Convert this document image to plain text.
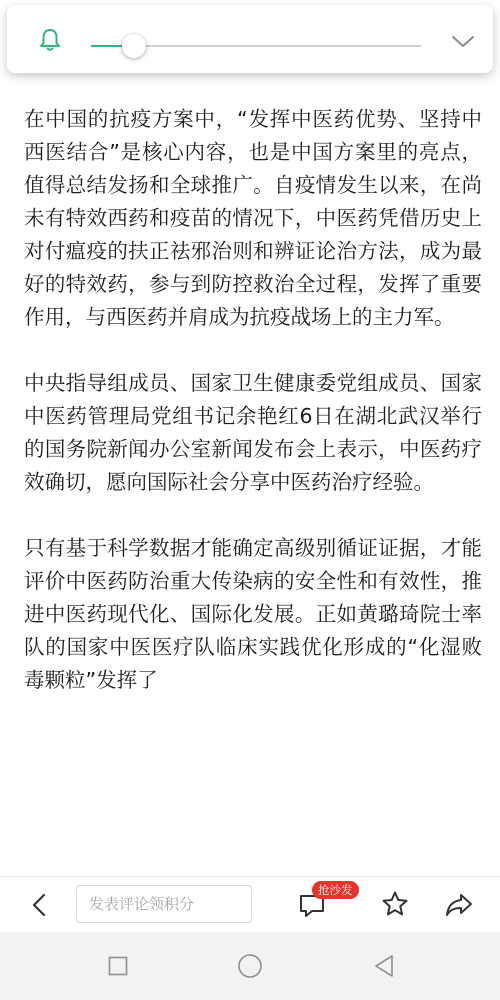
在中国的抗疫方案中，“发挥中医药优势、坚持中西医结合”是核心内容，也是中国方案里的亮点，值得总结发扬和全球推广。自疫情发生以来，在尚未有特效西药和疫苗的情况下，中医药凭借历史上对付瘟疫的扶正祛邪治则和辨证论治方法，成为最好的特效药，参与到防控救治全过程，发挥了重要作用，与西医药并肩成为抗疫战场上的主力军。

中央指导组成员、国家卫生健康委党组成员、国家中医药管理局党组书记余艳红6日在湖北武汉举行的国务院新闻办公室新闻发布会上表示，中医药疗效确切，愿向国际社会分享中医药治疗经验。

只有基于科学数据才能确定高级别循证证据，才能评价中医药防治重大传染病的安全性和有效性，推进中医药现代化、国际化发展。正如黄璐琦院士率队的国家中医医疗队临床实践优化形成的“化湿败毒颗粒”发挥了

发表评论领积分
抢沙发
